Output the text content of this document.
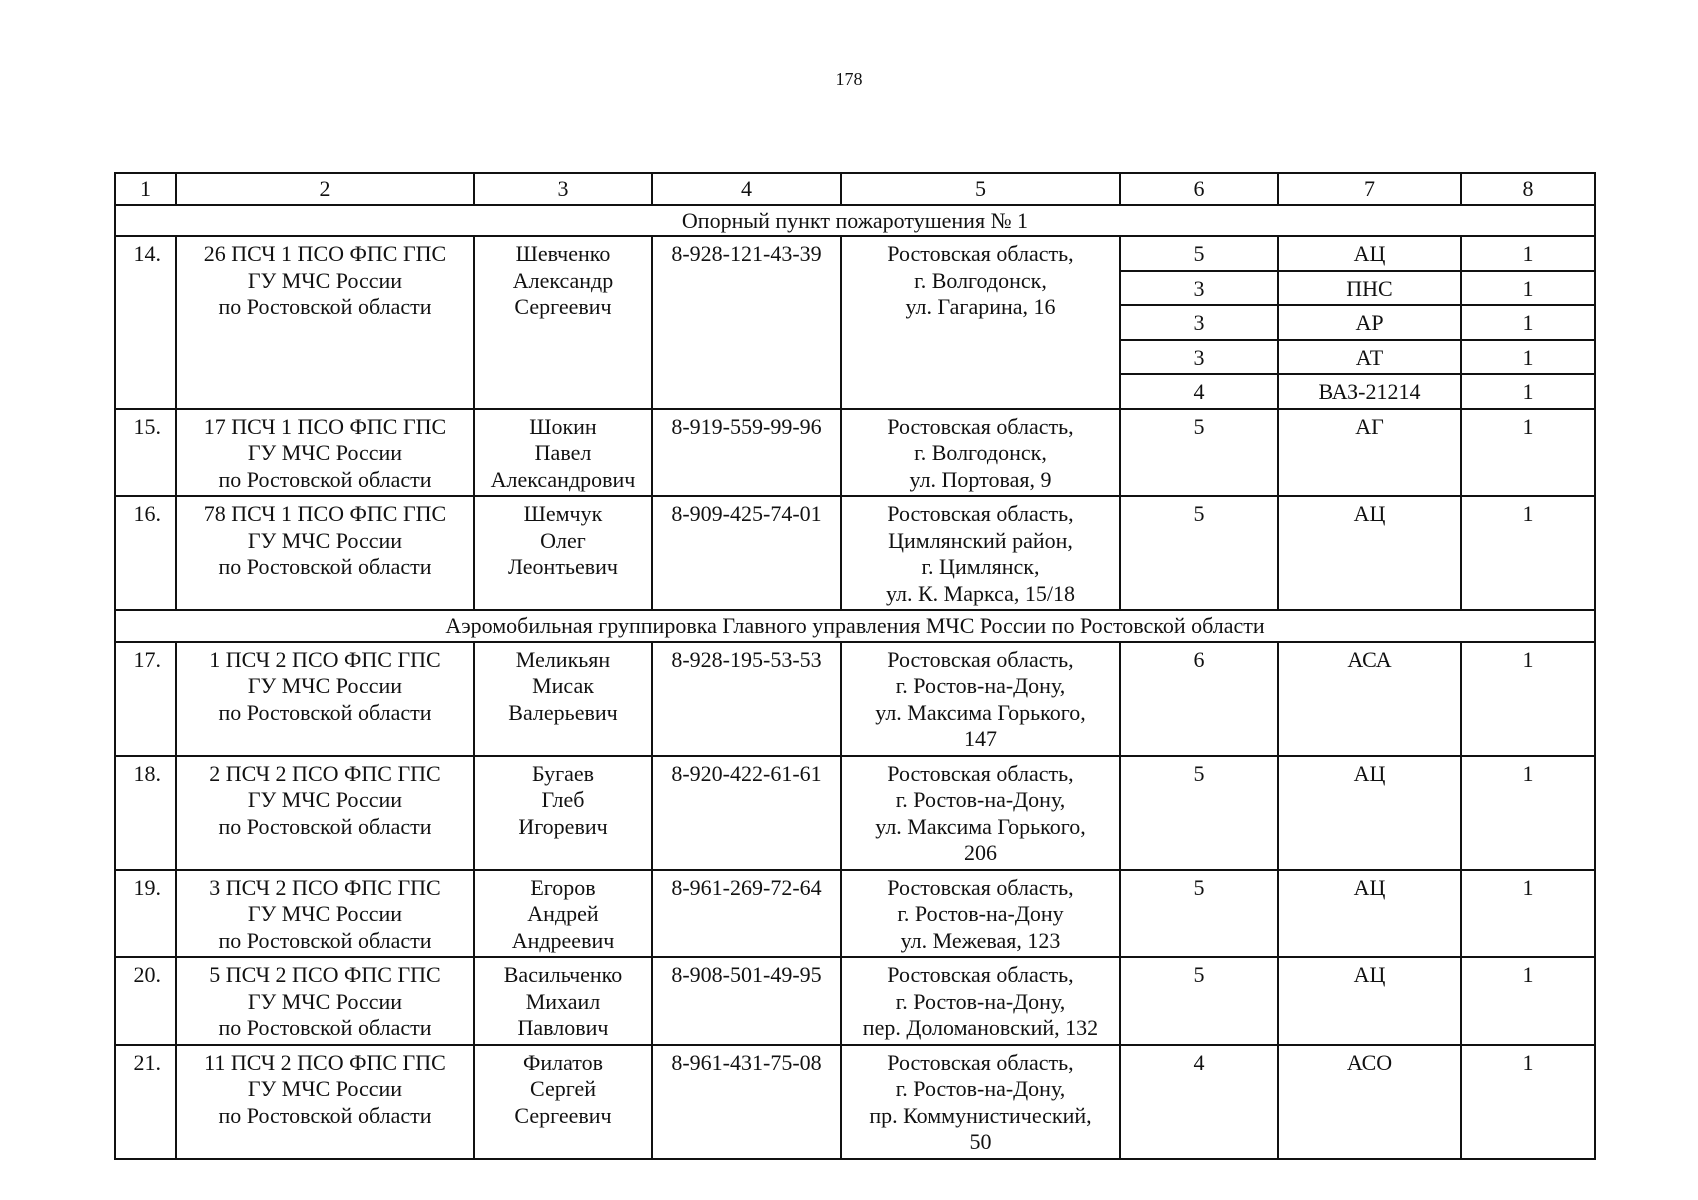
178
1	2	3	4	5	6	7	8
Опорный пункт пожаротушения № 1							
14.	26 ПСЧ 1 ПСО ФПС ГПС
ГУ МЧС России
по Ростовской области	Шевченко
Александр
Сергеевич	8-928-121-43-39	Ростовская область,
г. Волгодонск,
ул. Гагарина, 16	5	АЦ	1
					3	ПНС	1
					3	АР	1
					3	АТ	1
					4	ВАЗ-21214	1
15.	17 ПСЧ 1 ПСО ФПС ГПС
ГУ МЧС России
по Ростовской области	Шокин
Павел
Александрович	8-919-559-99-96	Ростовская область,
г. Волгодонск,
ул. Портовая, 9	5	АГ	1
16.	78 ПСЧ 1 ПСО ФПС ГПС
ГУ МЧС России
по Ростовской области	Шемчук
Олег
Леонтьевич	8-909-425-74-01	Ростовская область,
Цимлянский район,
г. Цимлянск,
ул. К. Маркса, 15/18	5	АЦ	1
Аэромобильная группировка Главного управления МЧС России по Ростовской области							
17.	1 ПСЧ 2 ПСО ФПС ГПС
ГУ МЧС России
по Ростовской области	Меликьян
Мисак
Валерьевич	8-928-195-53-53	Ростовская область,
г. Ростов-на-Дону,
ул. Максима Горького,
147	6	АСА	1
18.	2 ПСЧ 2 ПСО ФПС ГПС
ГУ МЧС России
по Ростовской области	Бугаев
Глеб
Игоревич	8-920-422-61-61	Ростовская область,
г. Ростов-на-Дону,
ул. Максима Горького,
206	5	АЦ	1
19.	3 ПСЧ 2 ПСО ФПС ГПС
ГУ МЧС России
по Ростовской области	Егоров
Андрей
Андреевич	8-961-269-72-64	Ростовская область,
г. Ростов-на-Дону
ул. Межевая, 123	5	АЦ	1
20.	5 ПСЧ 2 ПСО ФПС ГПС
ГУ МЧС России
по Ростовской области	Васильченко
Михаил
Павлович	8-908-501-49-95	Ростовская область,
г. Ростов-на-Дону,
пер. Доломановский, 132	5	АЦ	1
21.	11 ПСЧ 2 ПСО ФПС ГПС
ГУ МЧС России
по Ростовской области	Филатов
Сергей
Сергеевич	8-961-431-75-08	Ростовская область,
г. Ростов-на-Дону,
пр. Коммунистический,
50	4	АСО	1
